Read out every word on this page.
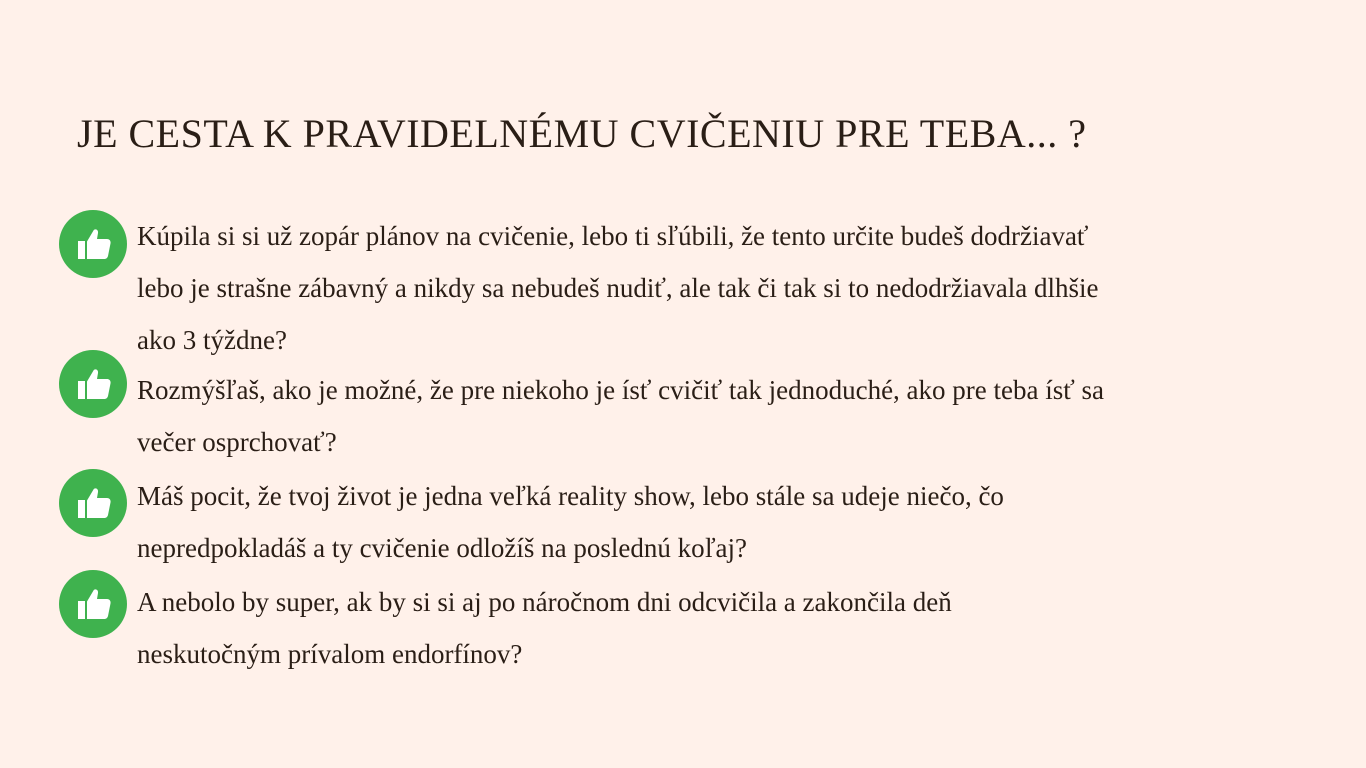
JE CESTA K PRAVIDELNÉMU CVIČENIU PRE TEBA... ?
Kúpila si si už zopár plánov na cvičenie, lebo ti sľúbili, že tento určite budeš dodržiavať
lebo je strašne zábavný a nikdy sa nebudeš nudiť, ale tak či tak si to nedodržiavala dlhšie
ako 3 týždne?
Rozmýšľaš, ako je možné, že pre niekoho je ísť cvičiť tak jednoduché, ako pre teba ísť sa
večer osprchovať?
Máš pocit, že tvoj život je jedna veľká reality show, lebo stále sa udeje niečo, čo
nepredpokladáš a ty cvičenie odložíš na poslednú koľaj?
A nebolo by super, ak by si si aj po náročnom dni odcvičila a zakončila deň
neskutočným prívalom endorfínov?
